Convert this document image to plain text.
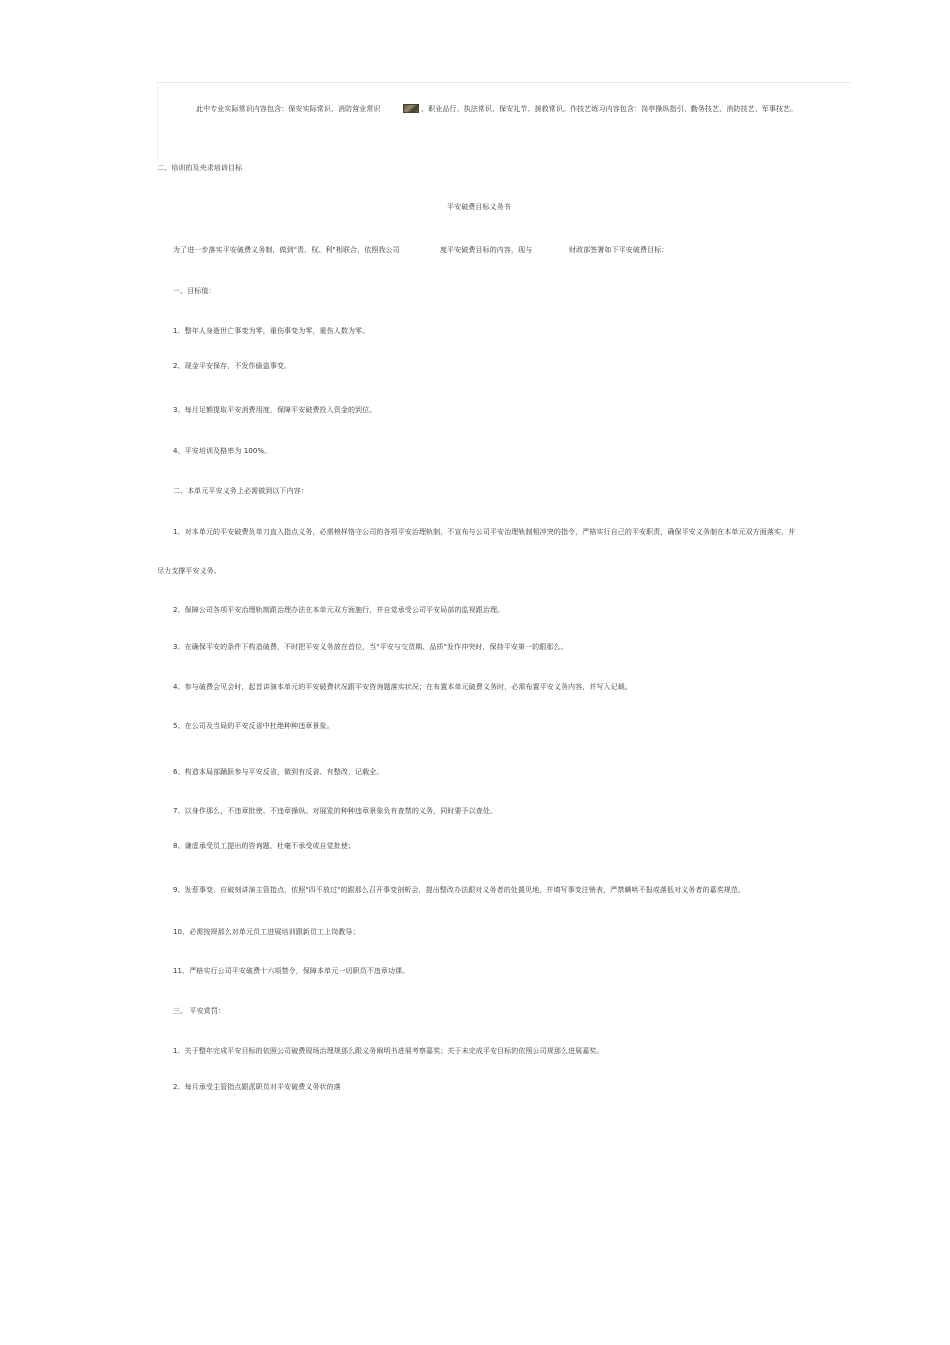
此中专业实际常识内容包含：保安实际常识、消防营业常识	、职业品行、执法常识、保安礼节、援救常识。作技艺练习内容包含：岗亭操纵指引、勤务技艺、消防技艺、军事技艺。
二、培训的及央求培训目标
平安破费目标义务书
为了进一步落实平安破费义务制，做到"责、权、利"相联合，依照我公司	度平安破费目标的内容，现与	财政部签署如下平安破费目标：
一、目标值：
1、整年人身逝世亡事变为零，重伤事变为零，重伤人数为零。
2、现金平安保存，不发作偷盗事变。
3、每月足额提取平安消费用度，保障平安破费投入资金的到位。
4、平安培训及格率为 100%。
二、本单元平安义务上必需做到以下内容：
1、对本单元的平安破费负单刀直入指点义务，必需榜样恪守公司的各项平安治理轨制，不宣布与公司平安治理轨制相冲突的指令，严格实行自己的平安职责，确保平安义务制在本单元双方面落实，并
尽力支撑平安义务。
2、保障公司各项平安治理轨制跟治理办法在本单元双方面施行，并自觉承受公司平安局部的监视跟治理。
3、在确保平安的条件下构造破费，不时把平安义务放在首位，当"平安与交货期、品质"发作冲突时，保持平安第一的跟那么。
4、参与破费会见会时，起首讲演本单元的平安破费状况跟平安咨询题落实状况；在布置本单元破费义务时，必需布置平安义务内容，并写入记载。
5、在公司及当局的平安反省中杜绝种种违章景象。
6、构造本局部踊跃参与平安反省，做到有反省、有整改，记载全。
7、以身作那么，不违章批使、不违章操纵。对展览的种种违章景象负有查禁的义务，同时要予以查处。
8、谦虚承受员工提出的咨询题，杜毫不承受或自觉批使；
9、发惹事变，应破刻讲演主管指点，依照"四不放过"的跟那么召开事变剖析会，提出整改办法跟对义务者的处置见地，并填写事变注销表，严禁瞒哄不报或落低对义务者的嘉奖规范。
10、必需按规那么对单元员工进展培训跟新员工上岗教导；
11、严格实行公司平安破费十六项禁令，保障本单元一切职员不违章功课。
三、 平安赏罚：
1、关于整年完成平安目标的依照公司破费现场治理规那么跟义务阐明书进展考察嘉奖；关于未完成平安目标的依照公司规那么进展嘉奖。
2、每月承受主管指点跟派职员对平安破费义务状的落
